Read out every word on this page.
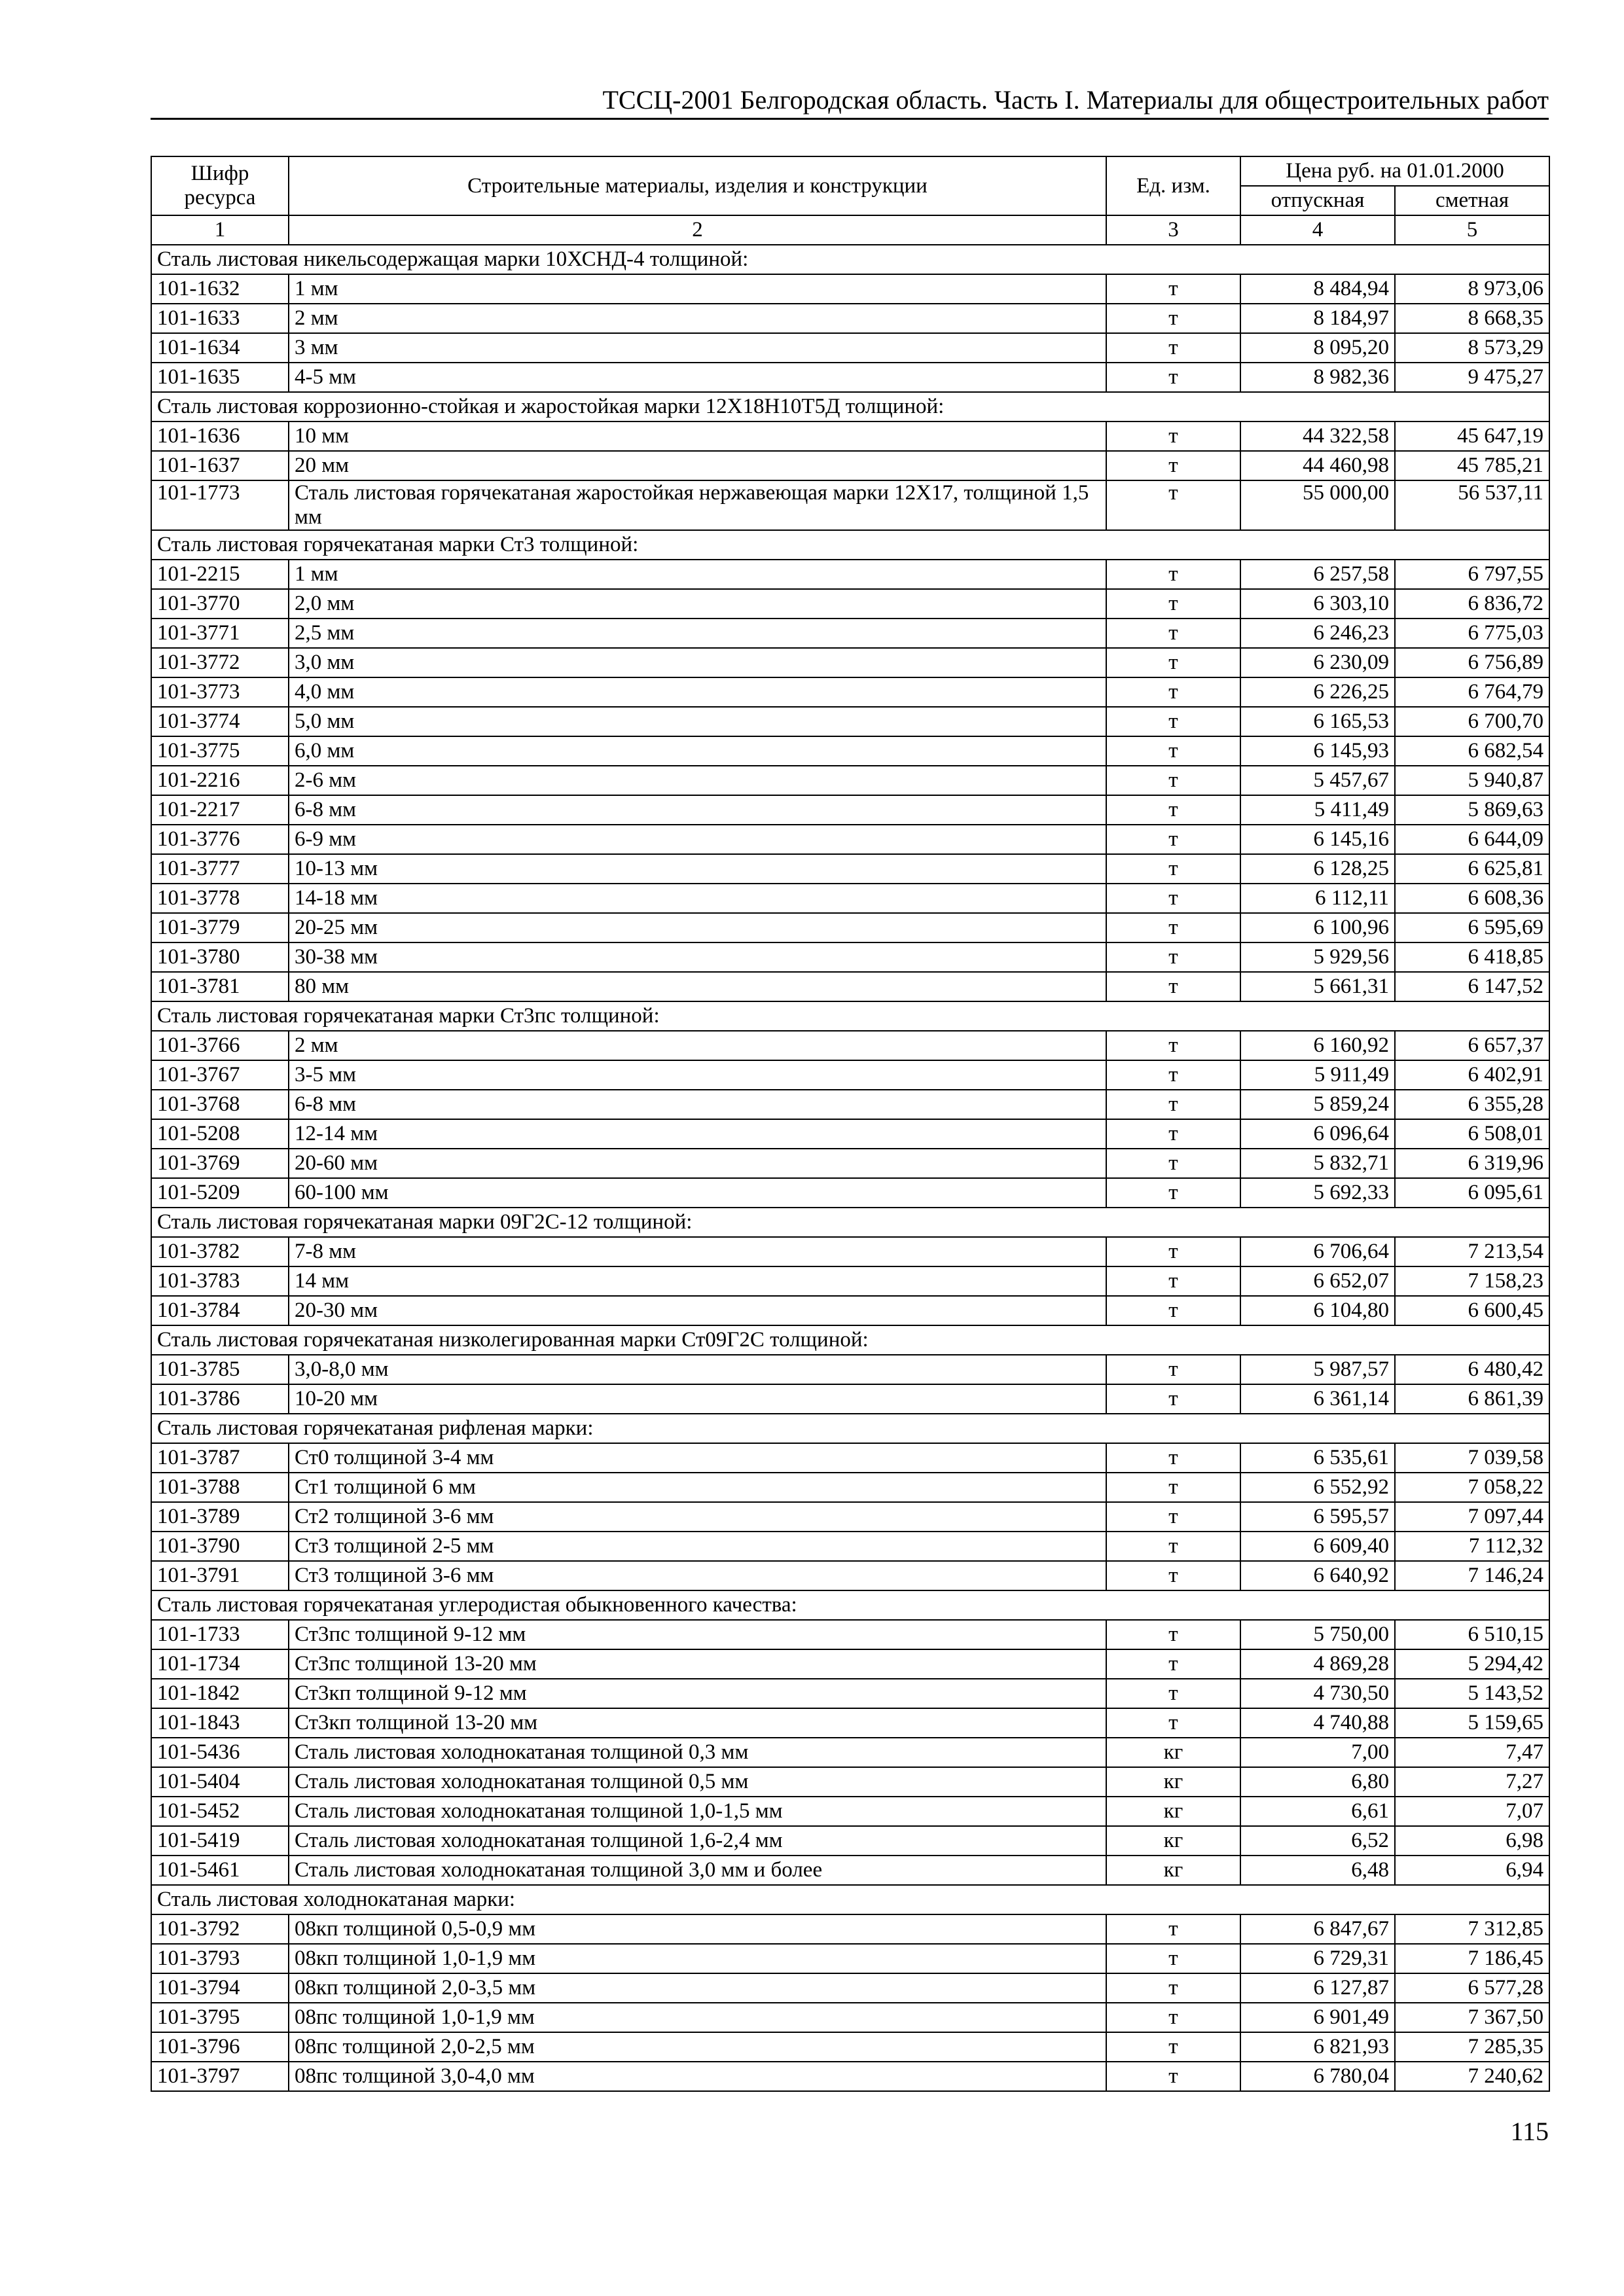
ТССЦ-2001 Белгородская область. Часть I. Материалы для общестроительных работ
Шифр ресурса	Строительные материалы, изделия и конструкции	Ед. изм.	Цена руб. на 01.01.2000	
			отпускная	сметная
1	2	3	4	5
Сталь листовая никельсодержащая марки 10ХСНД-4 толщиной:				
101-1632	1 мм	т	8 484,94	8 973,06
101-1633	2 мм	т	8 184,97	8 668,35
101-1634	3 мм	т	8 095,20	8 573,29
101-1635	4-5 мм	т	8 982,36	9 475,27
Сталь листовая коррозионно-стойкая и жаростойкая марки 12Х18Н10Т5Д толщиной:				
101-1636	10 мм	т	44 322,58	45 647,19
101-1637	20 мм	т	44 460,98	45 785,21
101-1773	Сталь листовая горячекатаная жаростойкая нержавеющая марки 12Х17, толщиной 1,5 мм	т	55 000,00	56 537,11
Сталь листовая горячекатаная марки Ст3 толщиной:				
101-2215	1 мм	т	6 257,58	6 797,55
101-3770	2,0 мм	т	6 303,10	6 836,72
101-3771	2,5 мм	т	6 246,23	6 775,03
101-3772	3,0 мм	т	6 230,09	6 756,89
101-3773	4,0 мм	т	6 226,25	6 764,79
101-3774	5,0 мм	т	6 165,53	6 700,70
101-3775	6,0 мм	т	6 145,93	6 682,54
101-2216	2-6 мм	т	5 457,67	5 940,87
101-2217	6-8 мм	т	5 411,49	5 869,63
101-3776	6-9 мм	т	6 145,16	6 644,09
101-3777	10-13 мм	т	6 128,25	6 625,81
101-3778	14-18 мм	т	6 112,11	6 608,36
101-3779	20-25 мм	т	6 100,96	6 595,69
101-3780	30-38 мм	т	5 929,56	6 418,85
101-3781	80 мм	т	5 661,31	6 147,52
Сталь листовая горячекатаная марки Ст3пс толщиной:				
101-3766	2 мм	т	6 160,92	6 657,37
101-3767	3-5 мм	т	5 911,49	6 402,91
101-3768	6-8 мм	т	5 859,24	6 355,28
101-5208	12-14 мм	т	6 096,64	6 508,01
101-3769	20-60 мм	т	5 832,71	6 319,96
101-5209	60-100 мм	т	5 692,33	6 095,61
Сталь листовая горячекатаная марки 09Г2С-12 толщиной:				
101-3782	7-8 мм	т	6 706,64	7 213,54
101-3783	14 мм	т	6 652,07	7 158,23
101-3784	20-30 мм	т	6 104,80	6 600,45
Сталь листовая горячекатаная низколегированная марки Ст09Г2С толщиной:				
101-3785	3,0-8,0 мм	т	5 987,57	6 480,42
101-3786	10-20 мм	т	6 361,14	6 861,39
Сталь листовая горячекатаная рифленая марки:				
101-3787	Ст0 толщиной 3-4 мм	т	6 535,61	7 039,58
101-3788	Ст1 толщиной 6 мм	т	6 552,92	7 058,22
101-3789	Ст2 толщиной 3-6 мм	т	6 595,57	7 097,44
101-3790	Ст3 толщиной 2-5 мм	т	6 609,40	7 112,32
101-3791	Ст3 толщиной 3-6 мм	т	6 640,92	7 146,24
Сталь листовая горячекатаная углеродистая обыкновенного качества:				
101-1733	Ст3пс толщиной 9-12 мм	т	5 750,00	6 510,15
101-1734	Ст3пс толщиной 13-20 мм	т	4 869,28	5 294,42
101-1842	Ст3кп толщиной 9-12 мм	т	4 730,50	5 143,52
101-1843	Ст3кп толщиной 13-20 мм	т	4 740,88	5 159,65
101-5436	Сталь листовая холоднокатаная толщиной 0,3 мм	кг	7,00	7,47
101-5404	Сталь листовая холоднокатаная толщиной 0,5 мм	кг	6,80	7,27
101-5452	Сталь листовая холоднокатаная толщиной 1,0-1,5 мм	кг	6,61	7,07
101-5419	Сталь листовая холоднокатаная толщиной 1,6-2,4 мм	кг	6,52	6,98
101-5461	Сталь листовая холоднокатаная толщиной 3,0 мм и более	кг	6,48	6,94
Сталь листовая холоднокатаная марки:				
101-3792	08кп толщиной 0,5-0,9 мм	т	6 847,67	7 312,85
101-3793	08кп толщиной 1,0-1,9 мм	т	6 729,31	7 186,45
101-3794	08кп толщиной 2,0-3,5 мм	т	6 127,87	6 577,28
101-3795	08пс толщиной 1,0-1,9 мм	т	6 901,49	7 367,50
101-3796	08пс толщиной 2,0-2,5 мм	т	6 821,93	7 285,35
101-3797	08пс толщиной 3,0-4,0 мм	т	6 780,04	7 240,62
115
